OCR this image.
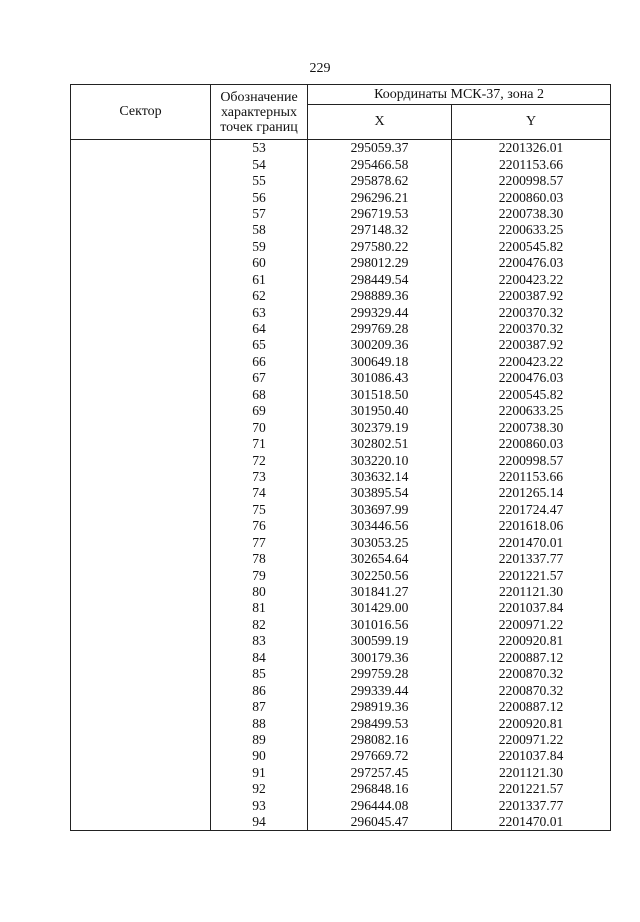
229
Сектор	Обозначение
характерных
точек границ	Координаты МСК-37, зона 2	
		X	Y
	53	295059.37	2201326.01
	54	295466.58	2201153.66
	55	295878.62	2200998.57
	56	296296.21	2200860.03
	57	296719.53	2200738.30
	58	297148.32	2200633.25
	59	297580.22	2200545.82
	60	298012.29	2200476.03
	61	298449.54	2200423.22
	62	298889.36	2200387.92
	63	299329.44	2200370.32
	64	299769.28	2200370.32
	65	300209.36	2200387.92
	66	300649.18	2200423.22
	67	301086.43	2200476.03
	68	301518.50	2200545.82
	69	301950.40	2200633.25
	70	302379.19	2200738.30
	71	302802.51	2200860.03
	72	303220.10	2200998.57
	73	303632.14	2201153.66
	74	303895.54	2201265.14
	75	303697.99	2201724.47
	76	303446.56	2201618.06
	77	303053.25	2201470.01
	78	302654.64	2201337.77
	79	302250.56	2201221.57
	80	301841.27	2201121.30
	81	301429.00	2201037.84
	82	301016.56	2200971.22
	83	300599.19	2200920.81
	84	300179.36	2200887.12
	85	299759.28	2200870.32
	86	299339.44	2200870.32
	87	298919.36	2200887.12
	88	298499.53	2200920.81
	89	298082.16	2200971.22
	90	297669.72	2201037.84
	91	297257.45	2201121.30
	92	296848.16	2201221.57
	93	296444.08	2201337.77
	94	296045.47	2201470.01
